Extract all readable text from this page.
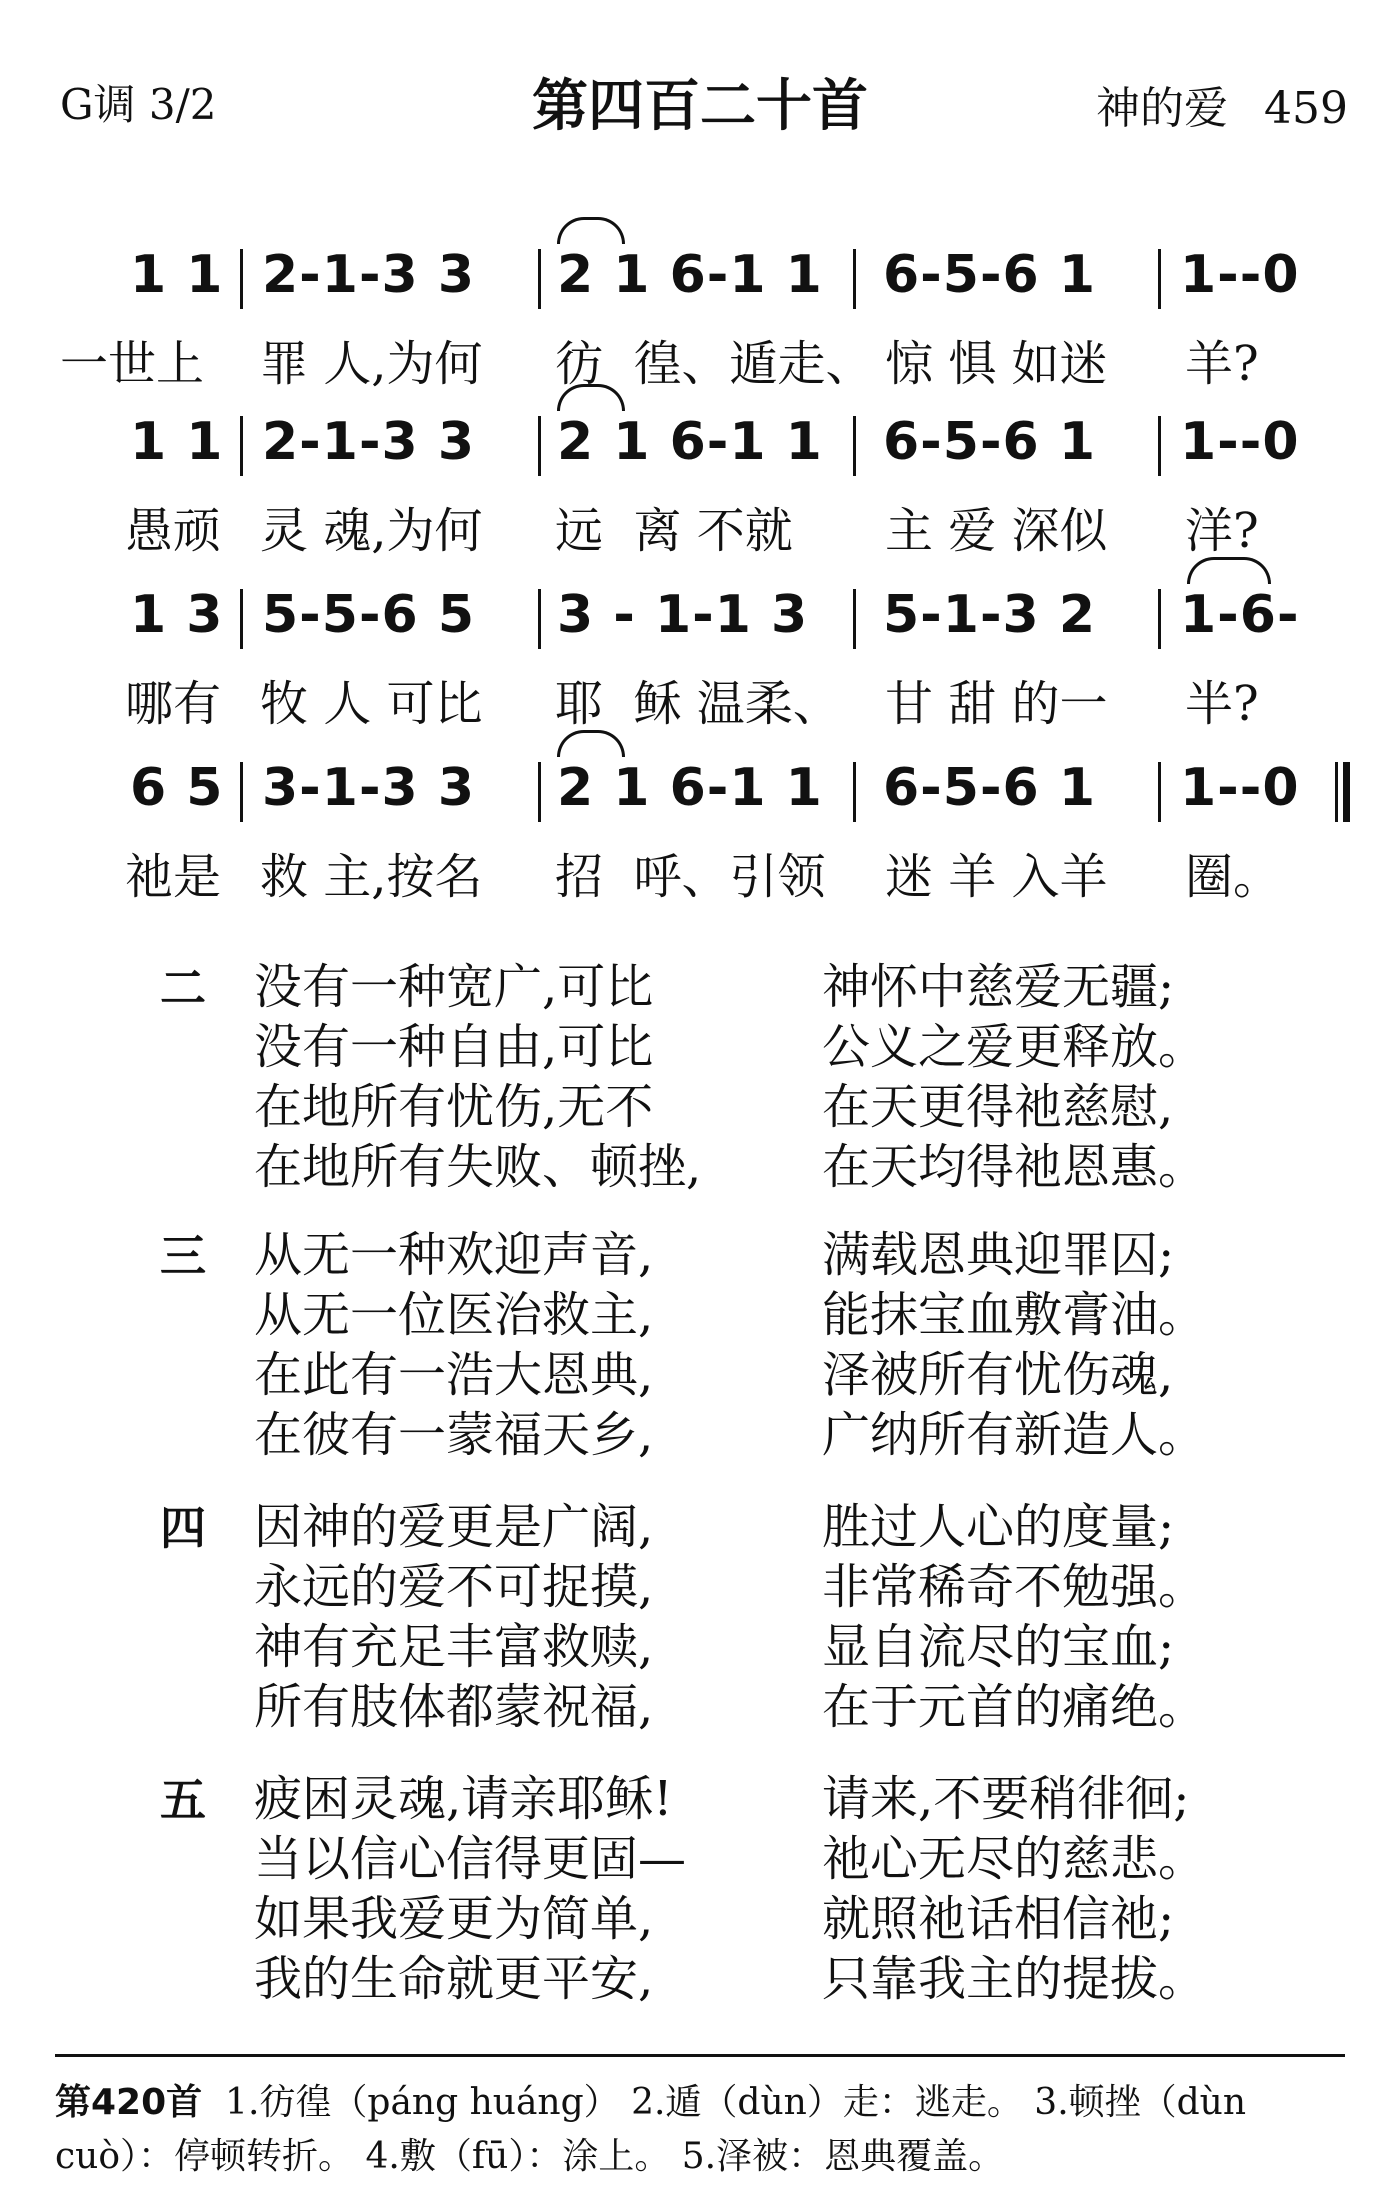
G调 3/2	第四百二十首	神的爱 459
1 1 2-1-3 3 2 1 6-1 1 6-5-6 1 1--0

一世上

罪 人,为何

彷  徨、遁走、

惊 惧 如迷

羊?

1 1 2-1-3 3 2 1 6-1 1 6-5-6 1 1--0

愚顽

灵 魂,为何

远  离 不就

主 爱 深似

洋?

1 3 5-5-6 5 3 - 1-1 3 5-1-3 2 1-6-

哪有

牧 人 可比

耶  稣 温柔、

甘 甜 的一

半?

6 5 3-1-3 3 2 1 6-1 1 6-5-6 1 1--0

祂是

救 主,按名

招  呼、引领

迷 羊 入羊

圈。

二 没有一种宽广,可比	神怀中慈爱无疆;
没有一种自由,可比	公义之爱更释放。
在地所有忧伤,无不	在天更得祂慈慰,
在地所有失败、顿挫,	在天均得祂恩惠。
三 从无一种欢迎声音,	满载恩典迎罪囚;
从无一位医治救主,	能抹宝血敷膏油。
在此有一浩大恩典,	泽被所有忧伤魂,
在彼有一蒙福天乡,	广纳所有新造人。
四 因神的爱更是广阔,	胜过人心的度量;
永远的爱不可捉摸,	非常稀奇不勉强。
神有充足丰富救赎,	显自流尽的宝血;
所有肢体都蒙祝福,	在于元首的痛绝。
五 疲困灵魂,请亲耶稣!	请来,不要稍徘徊;
当以信心信得更固—	祂心无尽的慈悲。
如果我爱更为简单,	就照祂话相信祂;
我的生命就更平安,	只靠我主的提拔。
第420首 1.彷徨（páng huáng） 2.遁（dùn）走：逃走。 3.顿挫（dùn
cuò）：停顿转折。 4.敷（fū）：涂上。 5.泽被：恩典覆盖。
